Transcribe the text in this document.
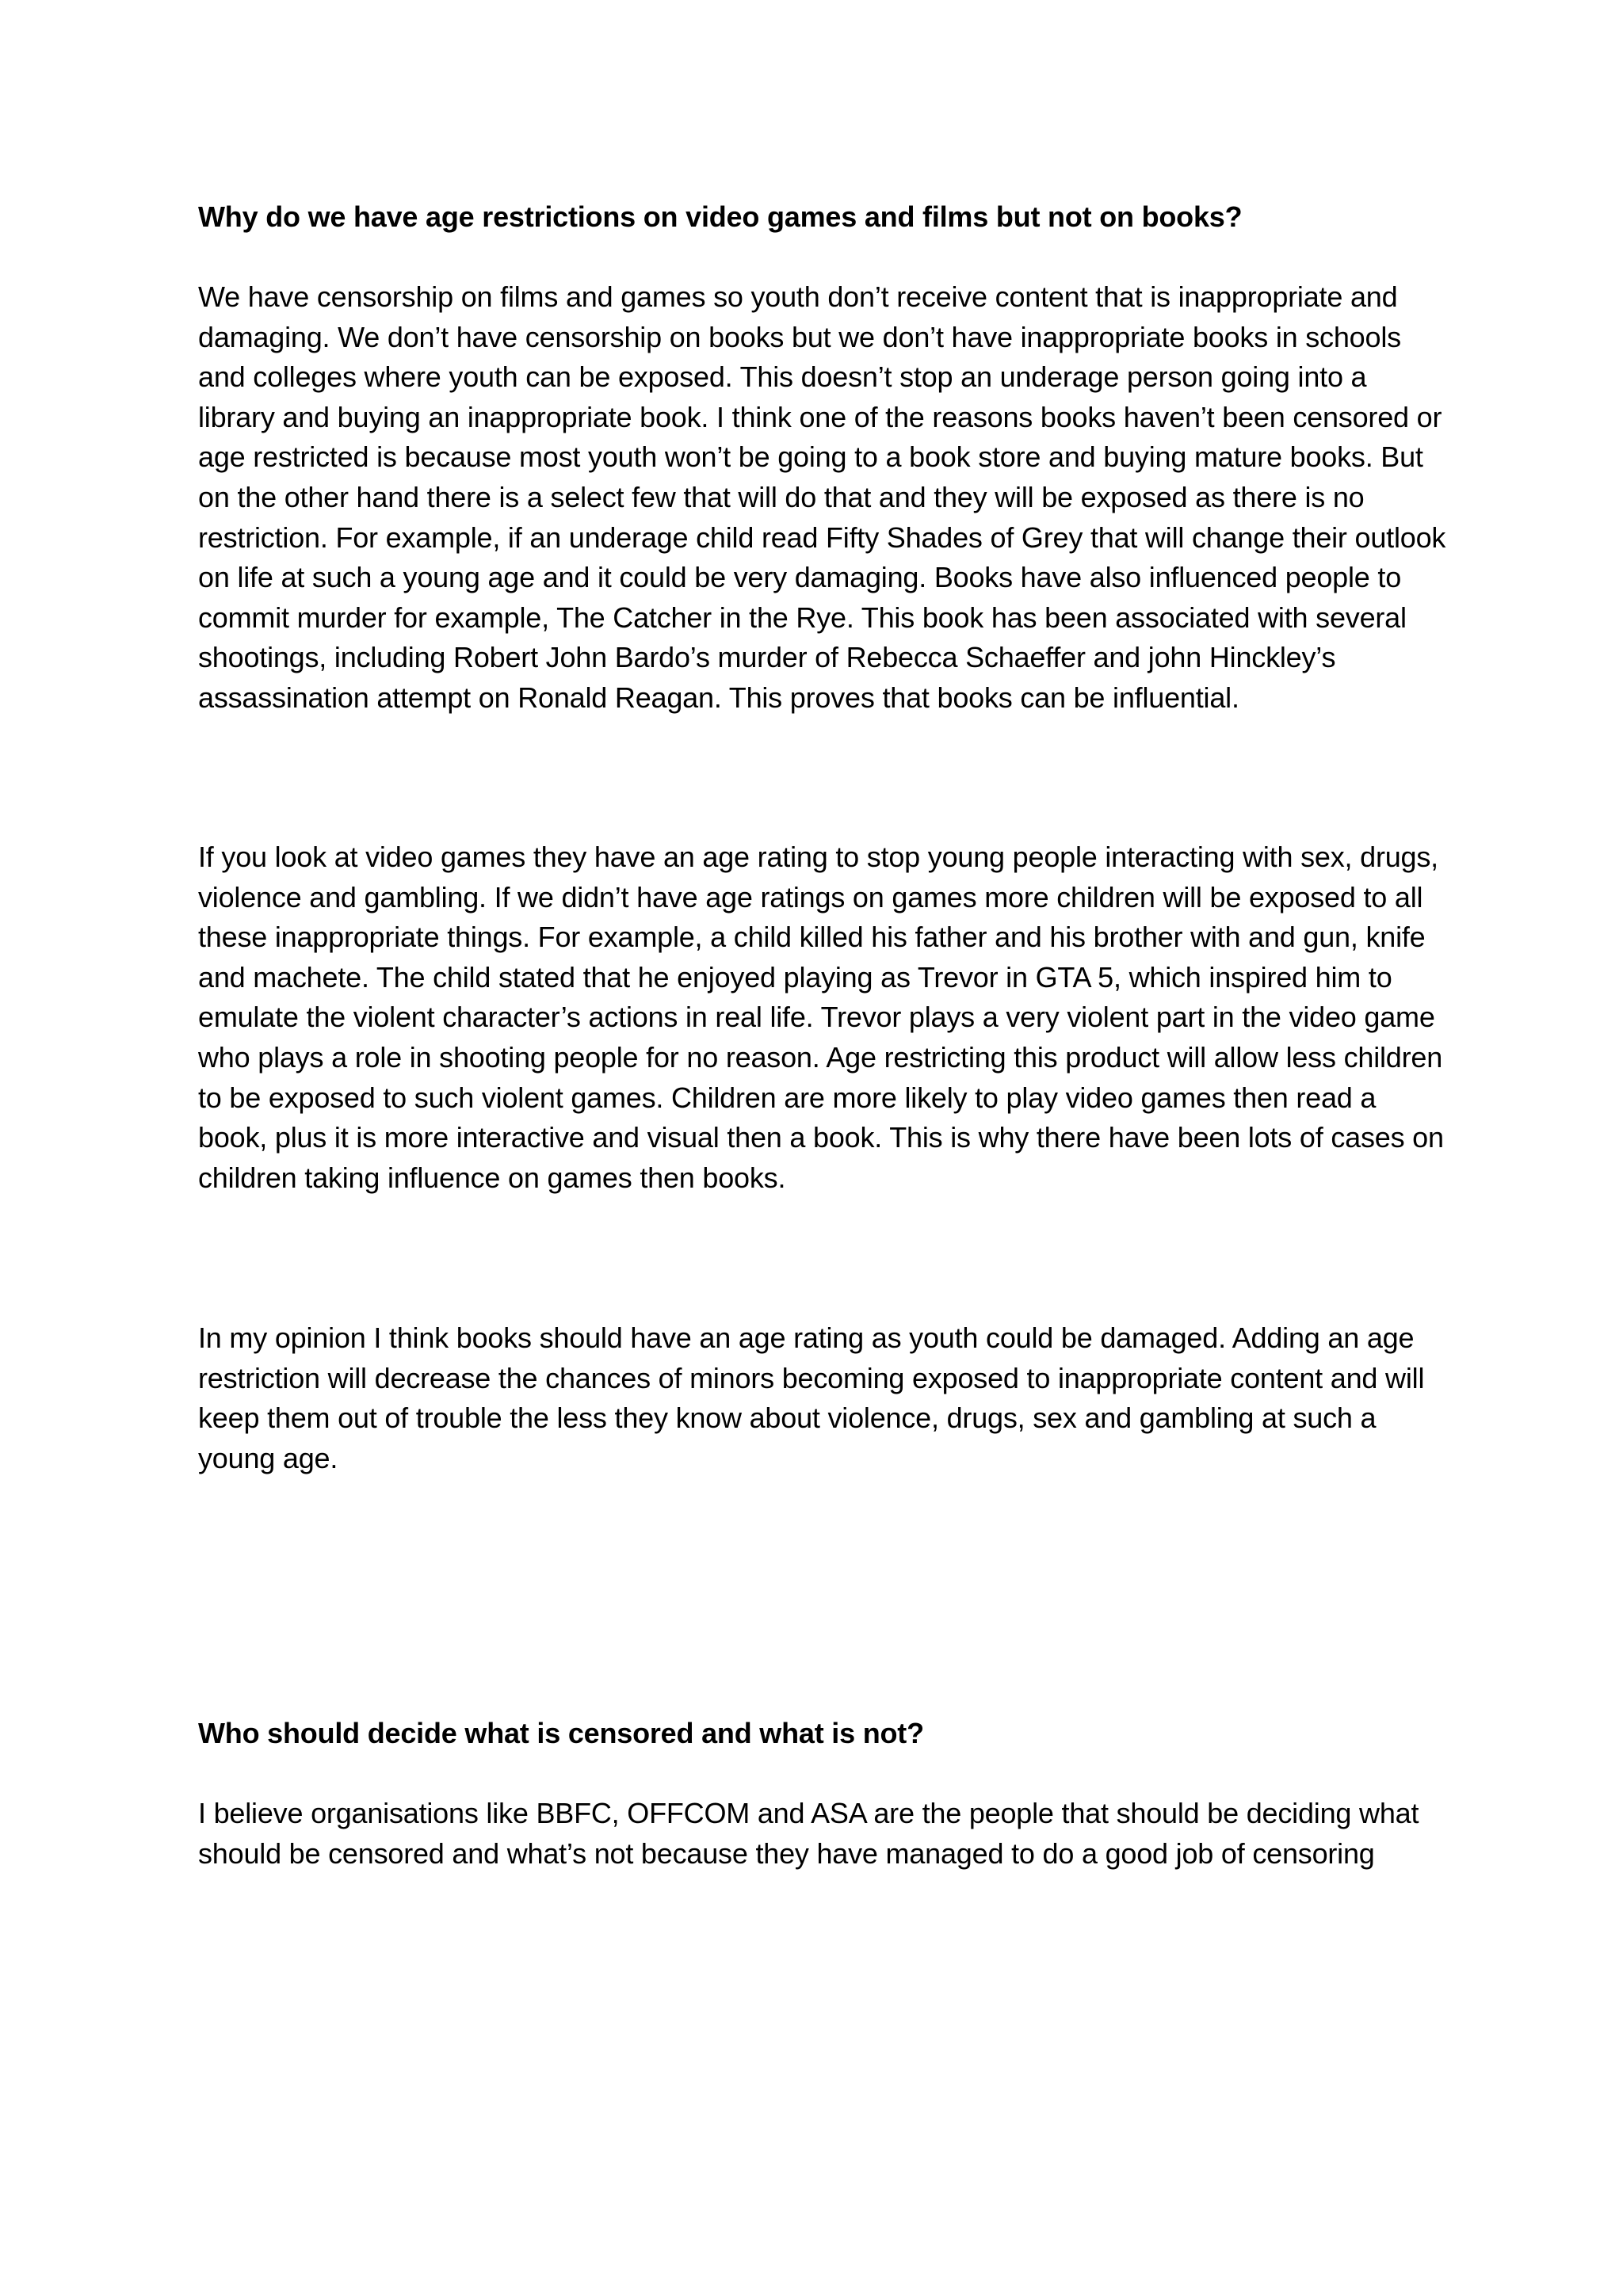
Why do we have age restrictions on video games and films but not on books?

We have censorship on films and games so youth don’t receive content that is inappropriate and damaging. We don’t have censorship on books but we don’t have inappropriate books in schools and colleges where youth can be exposed. This doesn’t stop an underage person going into a library and buying an inappropriate book. I think one of the reasons books haven’t been censored or age restricted is because most youth won’t be going to a book store and buying mature books. But on the other hand there is a select few that will do that and they will be exposed as there is no restriction. For example, if an underage child read Fifty Shades of Grey that will change their outlook on life at such a young age and it could be very damaging. Books have also influenced people to commit murder for example, The Catcher in the Rye. This book has been associated with several shootings, including Robert John Bardo’s murder of Rebecca Schaeffer and john Hinckley’s assassination attempt on Ronald Reagan. This proves that books can be influential.

If you look at video games they have an age rating to stop young people interacting with sex, drugs, violence and gambling. If we didn’t have age ratings on games more children will be exposed to all these inappropriate things. For example, a child killed his father and his brother with and gun, knife and machete. The child stated that he enjoyed playing as Trevor in GTA 5, which inspired him to emulate the violent character’s actions in real life. Trevor plays a very violent part in the video game who plays a role in shooting people for no reason. Age restricting this product will allow less children to be exposed to such violent games. Children are more likely to play video games then read a book, plus it is more interactive and visual then a book. This is why there have been lots of cases on children taking influence on games then books.

In my opinion I think books should have an age rating as youth could be damaged. Adding an age restriction will decrease the chances of minors becoming exposed to inappropriate content and will keep them out of trouble the less they know about violence, drugs, sex and gambling at such a young age.

Who should decide what is censored and what is not?

I believe organisations like BBFC, OFFCOM and ASA are the people that should be deciding what should be censored and what’s not because they have managed to do a good job of censoring
